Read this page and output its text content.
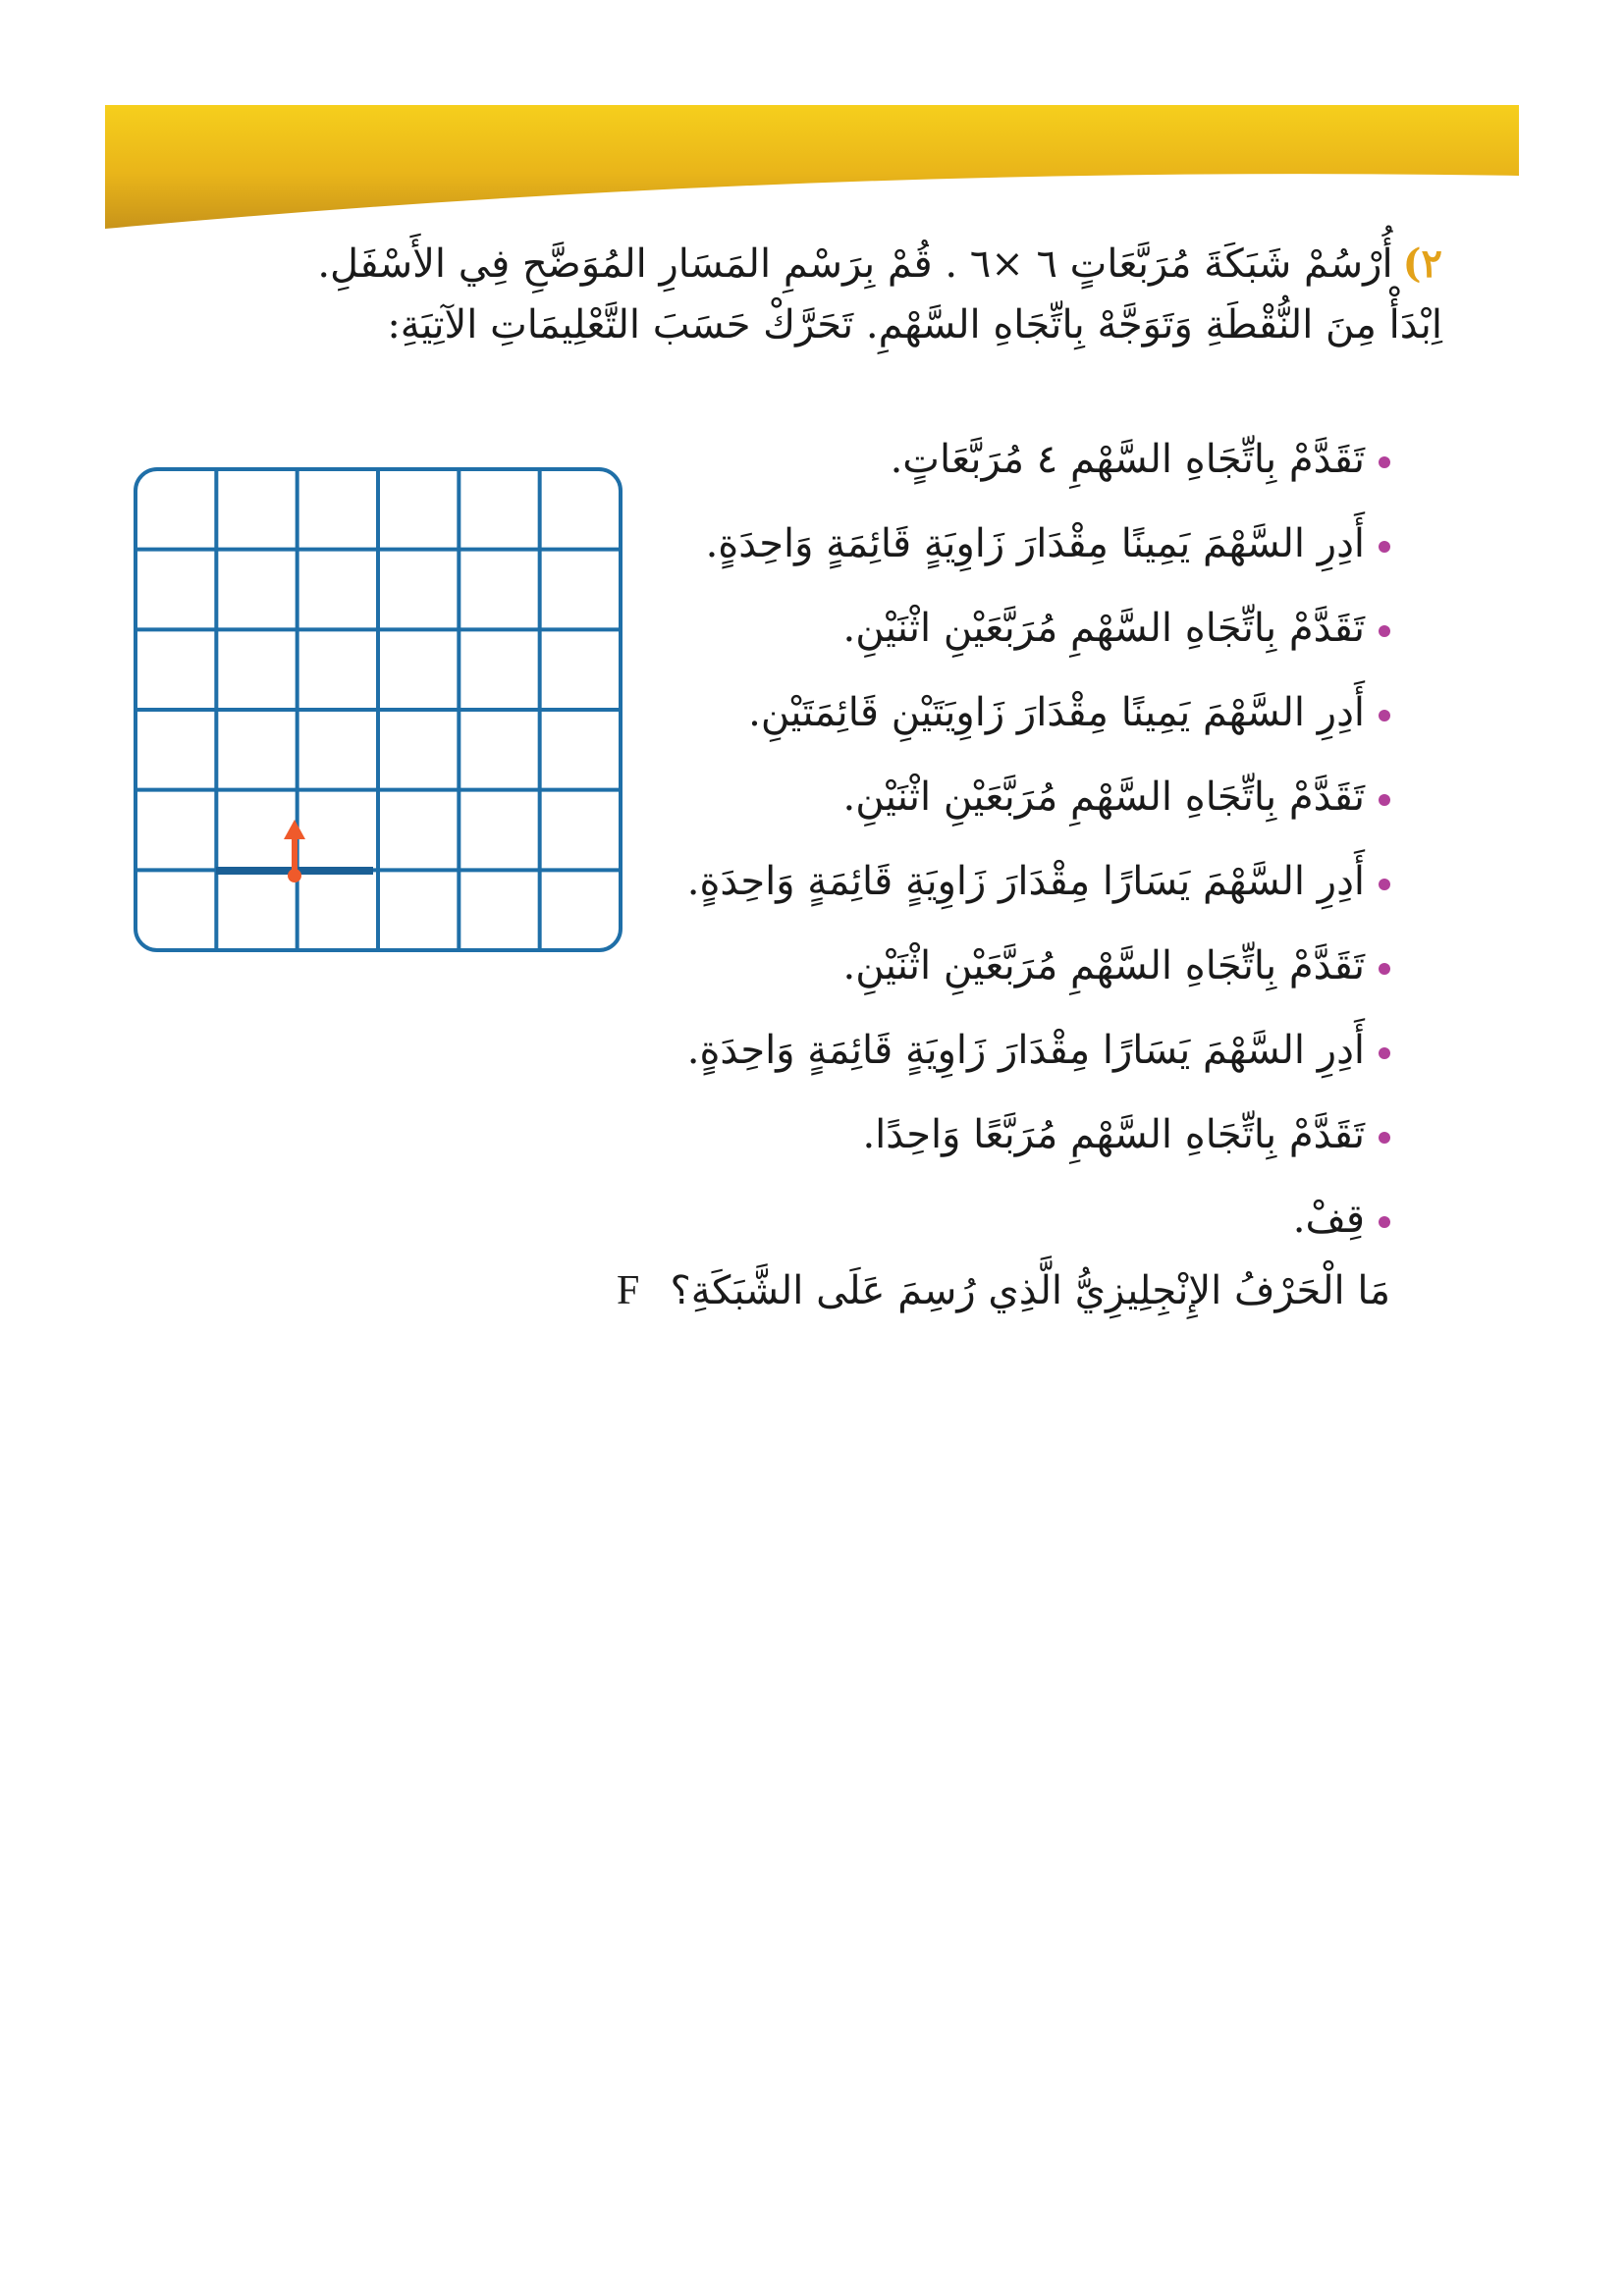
٢)أُرْسُمْ شَبَكَةَ مُرَبَّعَاتٍ ٦ ×٦ . قُمْ بِرَسْمِ المَسَارِ المُوَضَّحِ فِي الأَسْفَلِ.
اِبْدَأْ مِنَ النُّقْطَةِ وَتَوَجَّهْ بِاتِّجَاهِ السَّهْمِ. تَحَرَّكْ حَسَبَ التَّعْلِيمَاتِ الآتِيَةِ:
تَقَدَّمْ بِاتِّجَاهِ السَّهْمِ ٤ مُرَبَّعَاتٍ.
أَدِرِ السَّهْمَ يَمِينًا مِقْدَارَ زَاوِيَةٍ قَائِمَةٍ وَاحِدَةٍ.
تَقَدَّمْ بِاتِّجَاهِ السَّهْمِ مُرَبَّعَيْنِ اثْنَيْنِ.
أَدِرِ السَّهْمَ يَمِينًا مِقْدَارَ زَاوِيَتَيْنِ قَائِمَتَيْنِ.
تَقَدَّمْ بِاتِّجَاهِ السَّهْمِ مُرَبَّعَيْنِ اثْنَيْنِ.
أَدِرِ السَّهْمَ يَسَارًا مِقْدَارَ زَاوِيَةٍ قَائِمَةٍ وَاحِدَةٍ.
تَقَدَّمْ بِاتِّجَاهِ السَّهْمِ مُرَبَّعَيْنِ اثْنَيْنِ.
أَدِرِ السَّهْمَ يَسَارًا مِقْدَارَ زَاوِيَةٍ قَائِمَةٍ وَاحِدَةٍ.
تَقَدَّمْ بِاتِّجَاهِ السَّهْمِ مُرَبَّعًا وَاحِدًا.
قِفْ.
مَا الْحَرْفُ الإِنْجِلِيزِيُّ الَّذِي رُسِمَ عَلَى الشَّبَكَةِ؟
F
